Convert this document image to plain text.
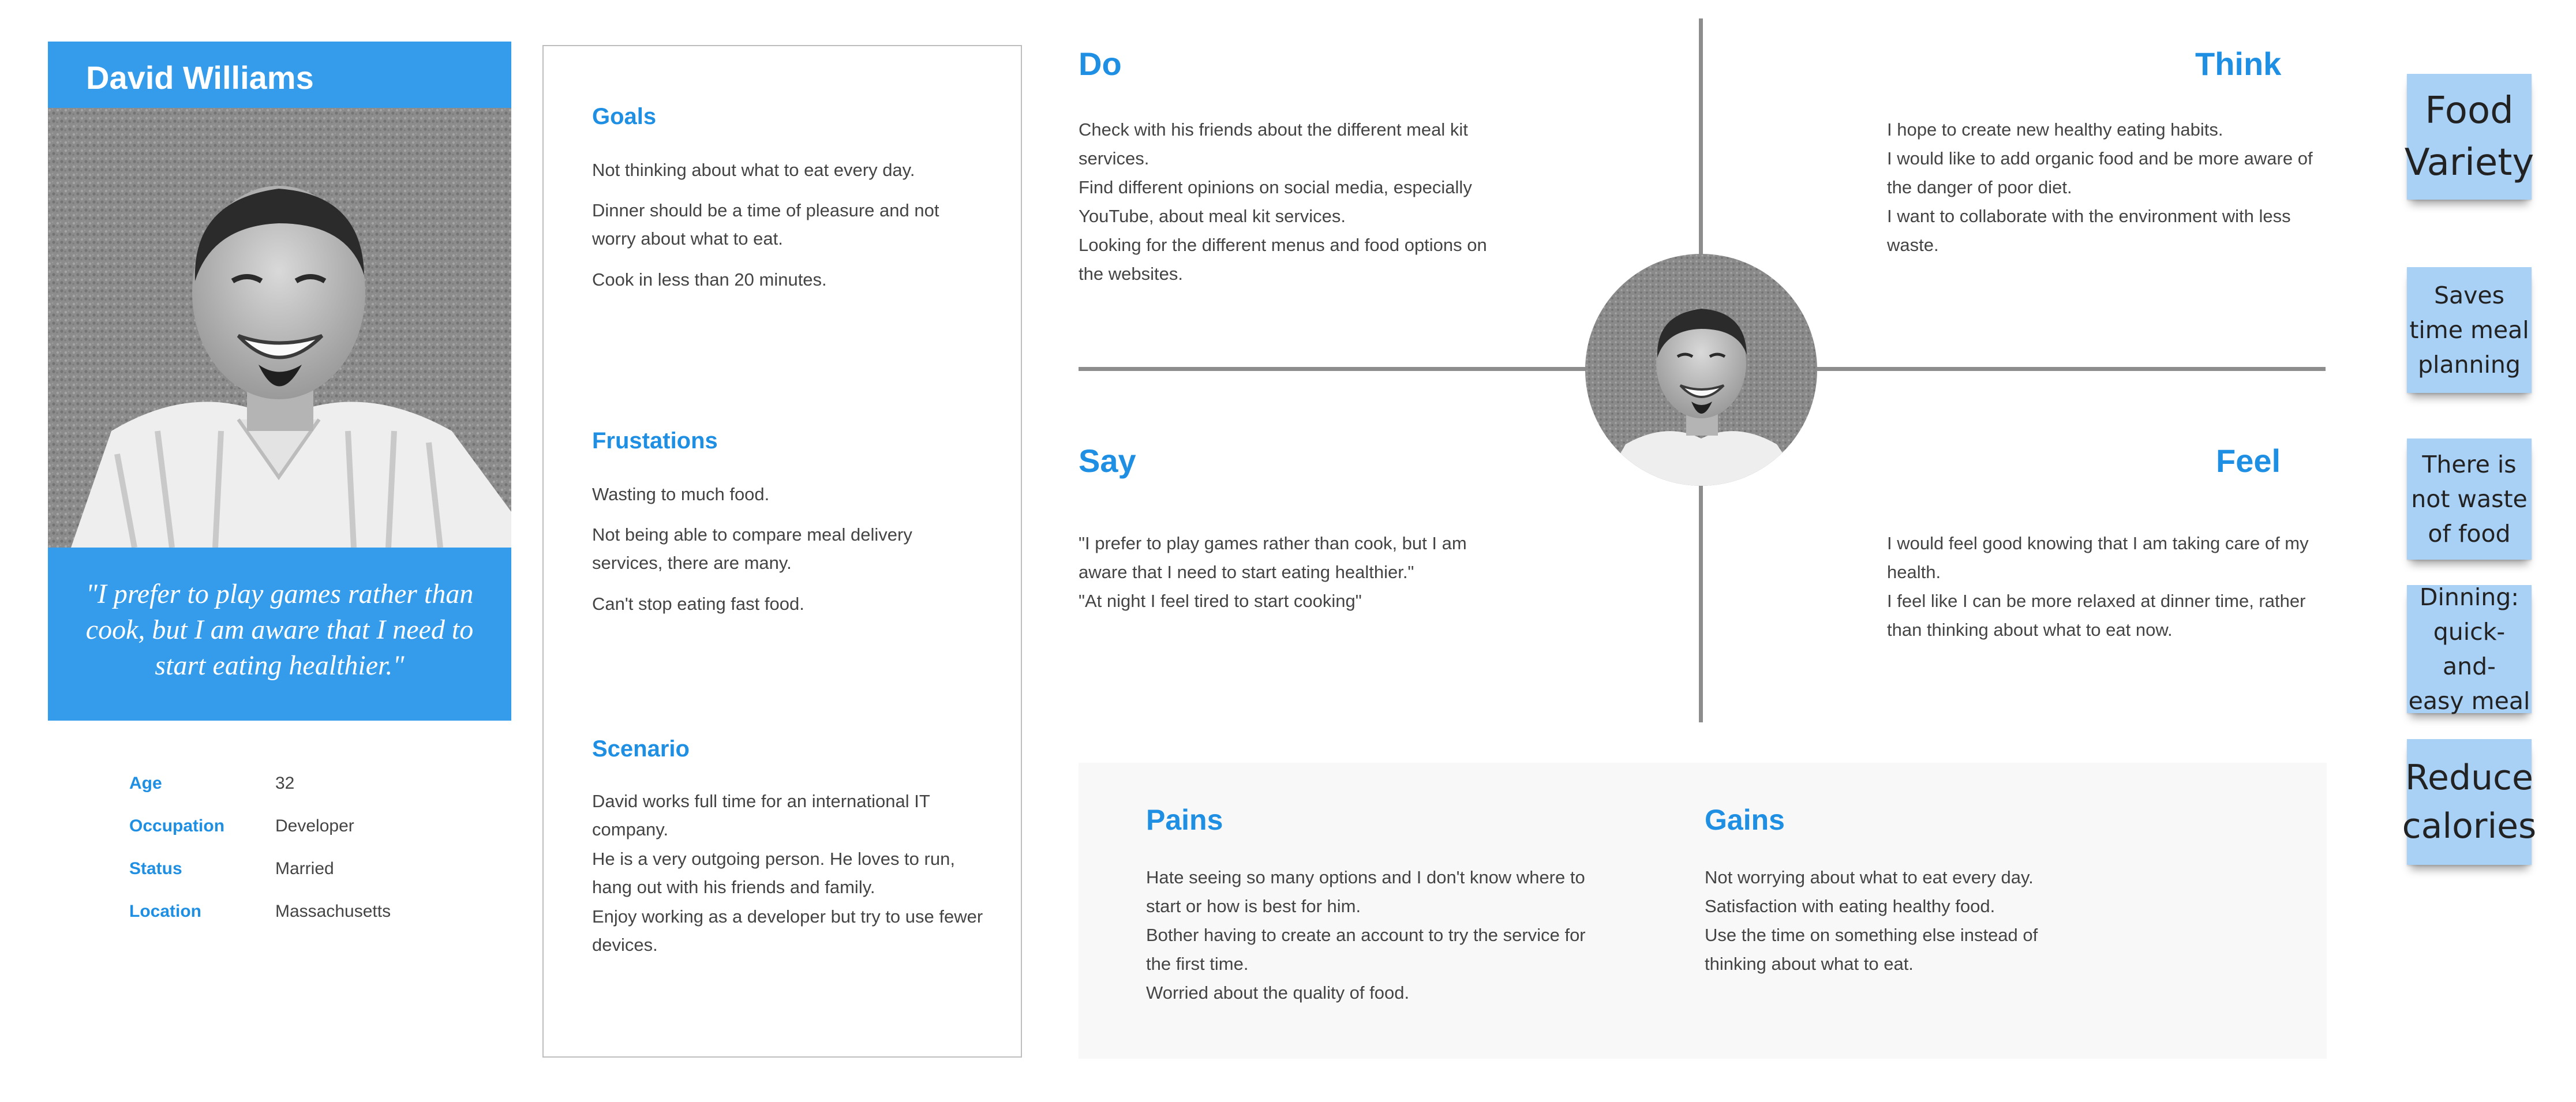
David Williams
"I prefer to play games rather than cook, but I am aware that I need to start eating healthier."
Age	32
Occupation	Developer
Status	Married
Location	Massachusetts
Goals
Not thinking about what to eat every day.
Dinner should be a time of pleasure and not worry about what to eat.
Cook in less than 20 minutes.
Frustations
Wasting to much food.
Not being able to compare meal delivery services, there are many.
Can't stop eating fast food.
Scenario
David works full time for an international IT company.
He is a very outgoing person. He loves to run, hang out with his friends and family.
Enjoy working as a developer but try to use fewer devices.
Do
Check with his friends about the different meal kit services.
Find different opinions on social media, especially YouTube, about meal kit services.
Looking for the different menus and food options on the websites.
Think
I hope to create new healthy eating habits.
I would like to add organic food and be more aware of the danger of poor diet.
I want to collaborate with the environment with less waste.
Say
"I prefer to play games rather than cook, but I am aware that I need to start eating healthier."
"At night I feel tired to start cooking"
Feel
I would feel good knowing that I am taking care of my health.
I feel like I can be more relaxed at dinner time, rather than thinking about what to eat now.
Pains
Hate seeing so many options and I don't know where to start or how is best for him.
Bother having to create an account to try the service for the first time.
Worried about the quality of food.
Gains
Not worrying about what to eat every day.
Satisfaction with eating healthy food.
Use the time on something else instead of thinking about what to eat.
Food
Variety
Saves
time meal
planning
There is
not waste
of food
Dinning:
quick-and-
easy meal
Reduce
calories
